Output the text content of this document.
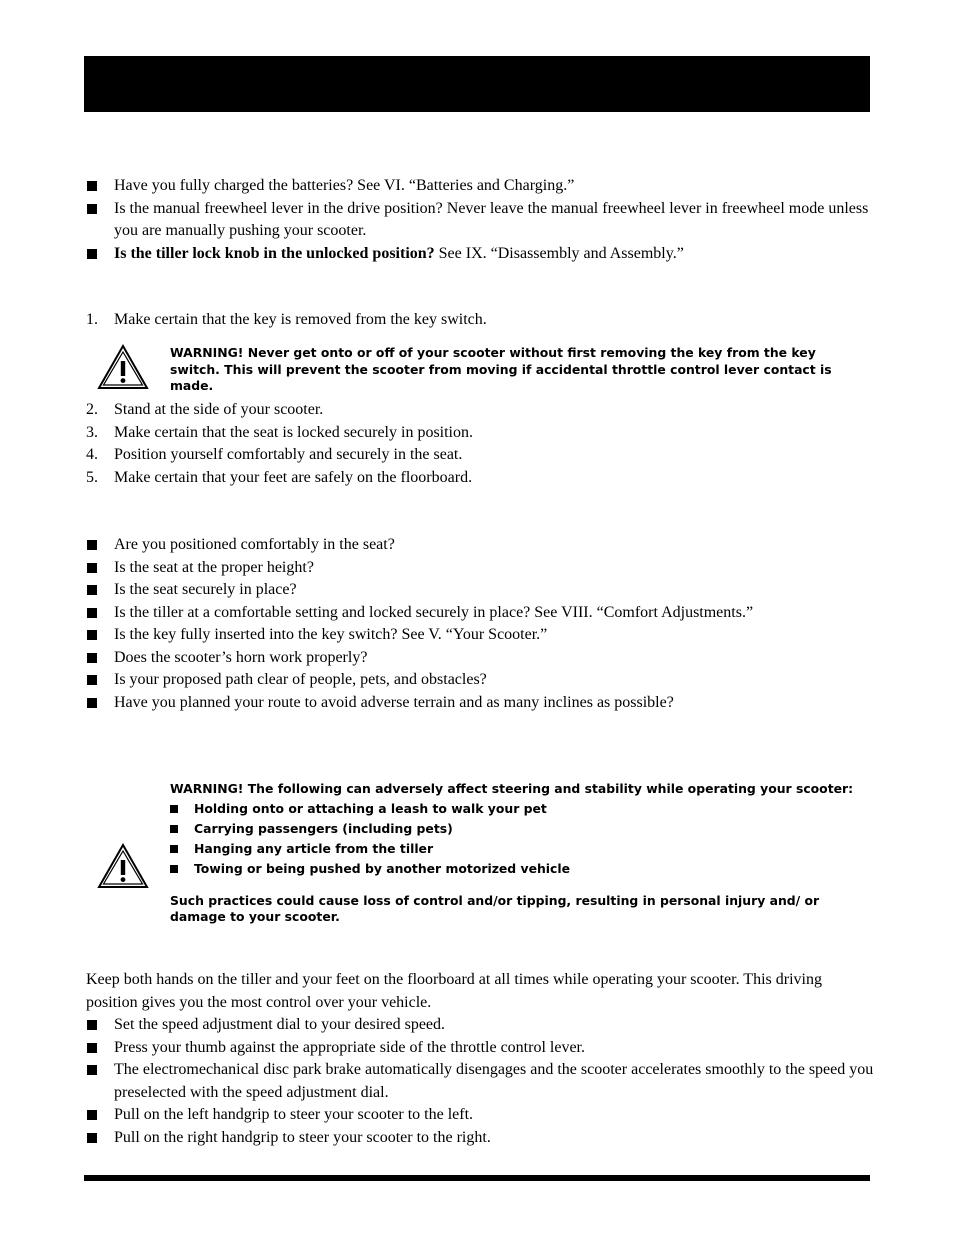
Have you fully charged the batteries? See VI. “Batteries and Charging.”
Is the manual freewheel lever in the drive position? Never leave the manual freewheel lever in freewheel mode unless you are manually pushing your scooter.
Is the tiller lock knob in the unlocked position? See IX. “Disassembly and Assembly.”
1. Make certain that the key is removed from the key switch.
WARNING! Never get onto or off of your scooter without first removing the key from the key switch. This will prevent the scooter from moving if accidental throttle control lever contact is made.
2. Stand at the side of your scooter.
3. Make certain that the seat is locked securely in position.
4. Position yourself comfortably and securely in the seat.
5. Make certain that your feet are safely on the floorboard.
Are you positioned comfortably in the seat?
Is the seat at the proper height?
Is the seat securely in place?
Is the tiller at a comfortable setting and locked securely in place? See VIII. “Comfort Adjustments.”
Is the key fully inserted into the key switch? See V. “Your Scooter.”
Does the scooter’s horn work properly?
Is your proposed path clear of people, pets, and obstacles?
Have you planned your route to avoid adverse terrain and as many inclines as possible?
WARNING! The following can adversely affect steering and stability while operating your scooter:
Holding onto or attaching a leash to walk your pet
Carrying passengers (including pets)
Hanging any article from the tiller
Towing or being pushed by another motorized vehicle
Such practices could cause loss of control and/or tipping, resulting in personal injury and/ or damage to your scooter.

Keep both hands on the tiller and your feet on the floorboard at all times while operating your scooter. This driving position gives you the most control over your vehicle.

Set the speed adjustment dial to your desired speed.
Press your thumb against the appropriate side of the throttle control lever.
The electromechanical disc park brake automatically disengages and the scooter accelerates smoothly to the speed you preselected with the speed adjustment dial.
Pull on the left handgrip to steer your scooter to the left.
Pull on the right handgrip to steer your scooter to the right.
